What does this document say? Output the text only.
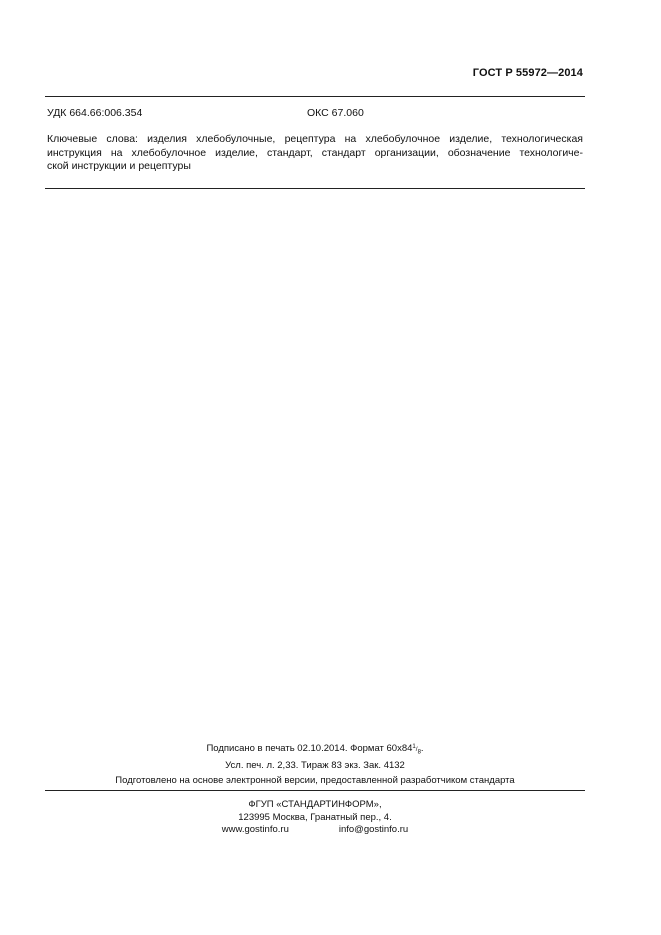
ГОСТ Р 55972—2014
УДК 664.66:006.354	ОКС 67.060
Ключевые слова: изделия хлебобулочные, рецептура на хлебобулочное изделие, технологическая
инструкция на хлебобулочное изделие, стандарт, стандарт организации, обозначение технологиче-
ской инструкции и рецептуры
Подписано в печать 02.10.2014. Формат $60х84^1/_8$.
Усл. печ. л. 2,33. Тираж 83 экз. Зак. 4132
Подготовлено на основе электронной версии, предоставленной разработчиком стандарта
ФГУП «СТАНДАРТИНФОРМ»,
123995 Москва, Гранатный пер., 4.
www.gostinfo.ru	info@gostinfo.ru
